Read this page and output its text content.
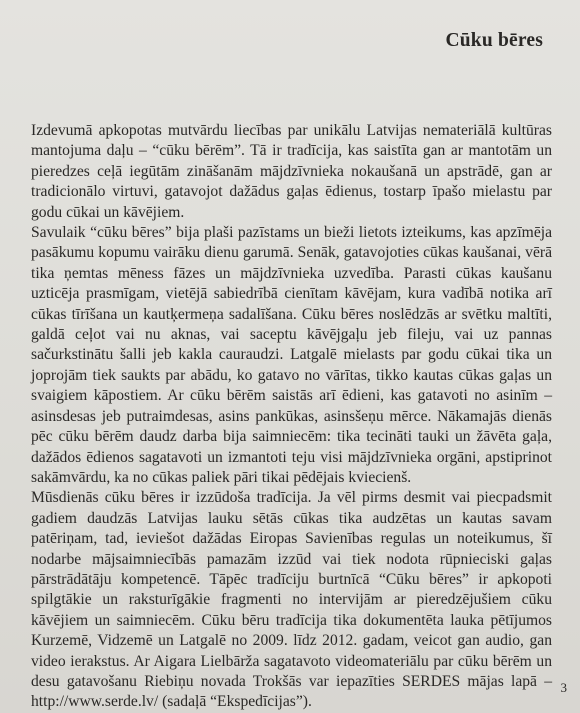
Cūku bēres

Izdevumā apkopotas mutvārdu liecības par unikālu Latvijas nemateriālā kultūras mantojuma daļu – “cūku bērēm”. Tā ir tradīcija, kas saistīta gan ar mantotām un pieredzes ceļā iegūtām zināšanām mājdzīvnieka nokaušanā un apstrādē, gan ar tradicionālo virtuvi, gatavojot dažādus gaļas ēdienus, tostarp īpašo mielastu par godu cūkai un kāvējiem.

Savulaik “cūku bēres” bija plaši pazīstams un bieži lietots izteikums, kas apzīmēja pasākumu kopumu vairāku dienu garumā. Senāk, gatavojoties cūkas kaušanai, vērā tika ņemtas mēness fāzes un mājdzīvnieka uzvedība. Parasti cūkas kaušanu uzticēja prasmīgam, vietējā sabiedrībā cienītam kāvējam, kura vadībā notika arī cūkas tīrīšana un kautķermeņa sadalīšana. Cūku bēres noslēdzās ar svētku maltīti, galdā ceļot vai nu aknas, vai saceptu kāvējgaļu jeb fileju, vai uz pannas sačurkstinātu šalli jeb kakla cauraudzi. Latgalē mielasts par godu cūkai tika un joprojām tiek saukts par abādu, ko gatavo no vārītas, tikko kautas cūkas gaļas un svaigiem kāpostiem. Ar cūku bērēm saistās arī ēdieni, kas gatavoti no asinīm – asinsdesas jeb putraimdesas, asins pankūkas, asinsšeņu mērce. Nākamajās dienās pēc cūku bērēm daudz darba bija saimniecēm: tika tecināti tauki un žāvēta gaļa, dažādos ēdienos sagatavoti un izmantoti teju visi mājdzīvnieka orgāni, apstiprinot sakāmvārdu, ka no cūkas paliek pāri tikai pēdējais kviecienš.

Mūsdienās cūku bēres ir izzūdoša tradīcija. Ja vēl pirms desmit vai piecpadsmit gadiem daudzās Latvijas lauku sētās cūkas tika audzētas un kautas savam patēriņam, tad, ieviešot dažādas Eiropas Savienības regulas un noteikumus, šī nodarbe mājsaimniecībās pamazām izzūd vai tiek nodota rūpnieciski gaļas pārstrādātāju kompetencē. Tāpēc tradīciju burtnīcā “Cūku bēres” ir apkopoti spilgtākie un raksturīgākie fragmenti no intervijām ar pieredzējušiem cūku kāvējiem un saimniecēm. Cūku bēru tradīcija tika dokumentēta lauka pētījumos Kurzemē, Vidzemē un Latgalē no 2009. līdz 2012. gadam, veicot gan audio, gan video ierakstus. Ar Aigara Lielbārža sagatavoto videomateriālu par cūku bērēm un desu gatavošanu Riebiņu novada Trokšās var iepazīties SERDES mājas lapā – http://www.serde.lv/ (sadaļā “Ekspedīcijas”).

3
